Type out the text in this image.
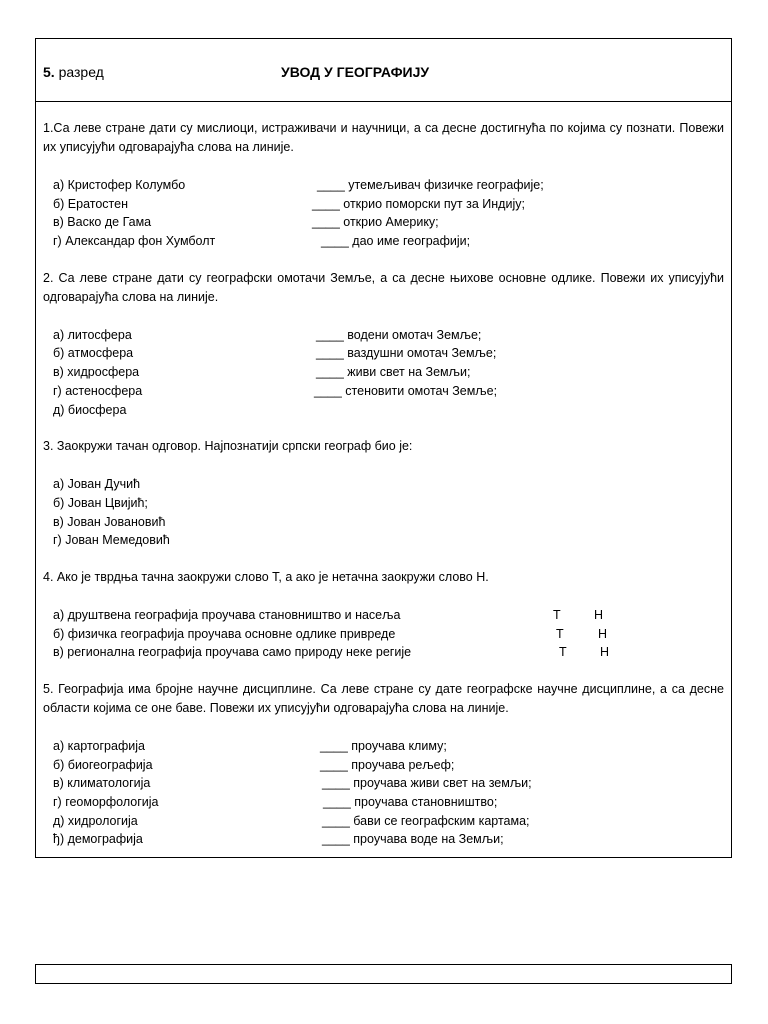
5. разред	УВОД У ГЕОГРАФИЈУ
1.Са леве стране дати су мислиоци, истраживачи и научници, а са десне достигнућа по којима су познати. Повежи их уписујући одговарајућа слова на линије.
а) Кристофер Колумбо	____ утемељивач физичке географије;
б) Ератостен	____ открио поморски пут за Индију;
в) Васко де Гама	____ открио Америку;
г) Александар фон Хумболт	____ дао име географији;
2. Са леве стране дати су географски омотачи Земље, а са десне њихове основне одлике. Повежи их уписујући одговарајућа слова на линије.
а) литосфера	____ водени омотач Земље;
б) атмосфера	____ ваздушни омотач Земље;
в) хидросфера	____ живи свет на Земљи;
г) астеносфера	____ стеновити омотач Земље;
д) биосфера
3. Заокружи тачан одговор. Најпознатији српски географ био је:
а) Јован Дучић
б) Јован Цвијић;
в) Јован Јовановић
г) Јован Мемедовић
4. Ако је тврдња тачна заокружи слово Т, а ако је нетачна заокружи слово Н.
а) друштвена географија проучава становништво и насеља	Т	Н
б) физичка географија проучава основне одлике привреде	Т	Н
в) регионална географија проучава само природу неке регије	Т	Н
5. Географија има бројне научне дисциплине. Са леве стране су дате географске научне дисциплине, а са десне области којима се оне баве. Повежи их уписујући одговарајућа слова на линије.
а) картографија	____ проучава климу;
б) биогеографија	____ проучава рељеф;
в) климатологија	____ проучава живи свет на земљи;
г) геоморфологија	____ проучава становништво;
д) хидрологија	____ бави се географским картама;
ђ) демографија	____ проучава воде на Земљи;
